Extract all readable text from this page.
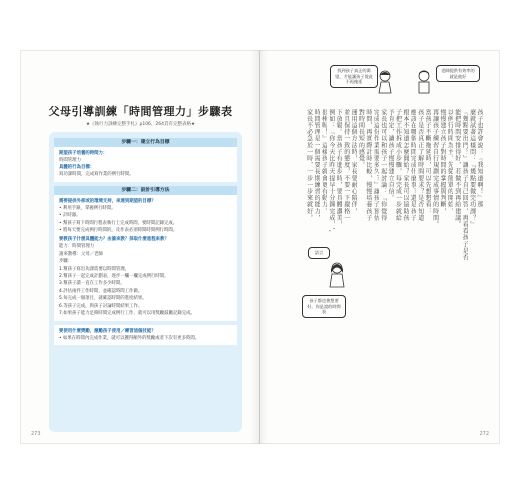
父母引導訓練「時間管理力」步驟表
★《執行力訓練完整手札》p106、264頁有完整表格★
步驟一：建立行為目標
期望孩子培養的時間力：
時間管理力
具體的行為目標：
寫功課時間，完成寫作業的例行時間。
步驟二：設計引導方法
需要提供外部或的環境支持，來達到期望的目標？
• 利用手錶，掌握例行時間。
• 計時器。
• 幫孩子寫下時間行程表執行上完成時間，要時間記錄完成。
• 將每天要完成例行時間的，及作表必須時間時間例行時間。
要教孩子什麼具體能力？由誰來教？採取什麼進程來教？
能力：時間管理力
誰來教導：父母／老師
步驟：
1.幫孩子寫出功課需要以時間管理。
2.幫孩子一起完成計劃表，逐步一欄一欄完成例行時間。
3.幫孩子讀一直在工作多少時間。
4.評估兩件工作時間，並確認時間工作做。
5.每完成一個項目，就確認時間的進度結果。
6.等孩子完成，與孩子討論時間結果工作。
7.如果孩子能力足夠時間完成例行工作，就可以用獎勵鼓勵記錄完成。
要使用什麼獎勵，激勵孩子使用／練習這個技能？
• 如果在時間內完成作業，就可以獲得額外的獎勵或者下次有更多時間。
273
找到孩子真正的渴望，才能讓孩子從此不再拖延
老師提供有效率的就是他好
孩子也許會說：『我知道啊！』那
麼就試著這樣問：『幾點要做完功課？』
『幾點要出門？』讓孩子自己回答，再看看孩子是否
能把時間安排得好，若做不到再給建議。
以例行時間為主，先從簡單的開始，
慢慢建立孩子對時間的掌握與判斷，
再讓孩子練習自行規劃完成事情的時間。
當孩子不斷拖延時，可以先想想看：
孩子是否真正了解時間要求？是否知道
應該在哪個時間完成什麼事？還是孩子
根本不知道怎麼開始？家長可以協助孩
子把工作拆成小步驟，每完成一步就給
予肯定，讓孩子慢慢建立自信。
家長也可以和孩子一起討論：『你覺得
完成這份作業需要多久？』讓孩子預估
時間，再實際計時比較，慢慢培養孩子
對時間長短的感覺。
運用這個方法時，家長要耐心陪伴，
並且保持一致的態度，不要一下嚴格一
下放鬆。當孩子有進步時，要具體讚美，
例如：『你今天比昨天提早十分鐘完成，',
很棒喔！』這樣孩子就會更有動力。
時間管理是一個需要長期練習的能力，
家長不必急於一時，一步一步來就好。
語言
孩子都也會想要好，你是說的時間表
272
